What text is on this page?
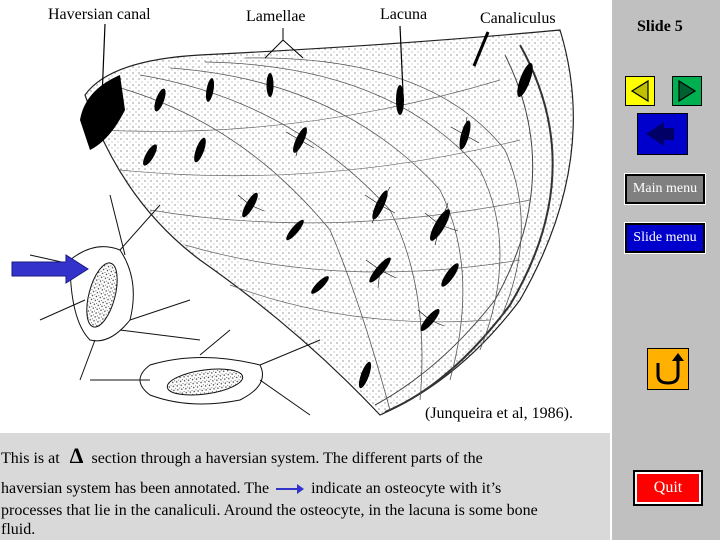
Haversian canal	Lamellae	Lacuna	Canaliculus
(Junqueira et al, 1986).
This is at Δ section through a haversian system. The different parts of the
haversian system has been annotated. The	indicate an osteocyte with it’s
processes that lie in the canaliculi. Around the osteocyte, in the lacuna is some bone
fluid.
Slide 5
Main menu
Slide menu
Quit
